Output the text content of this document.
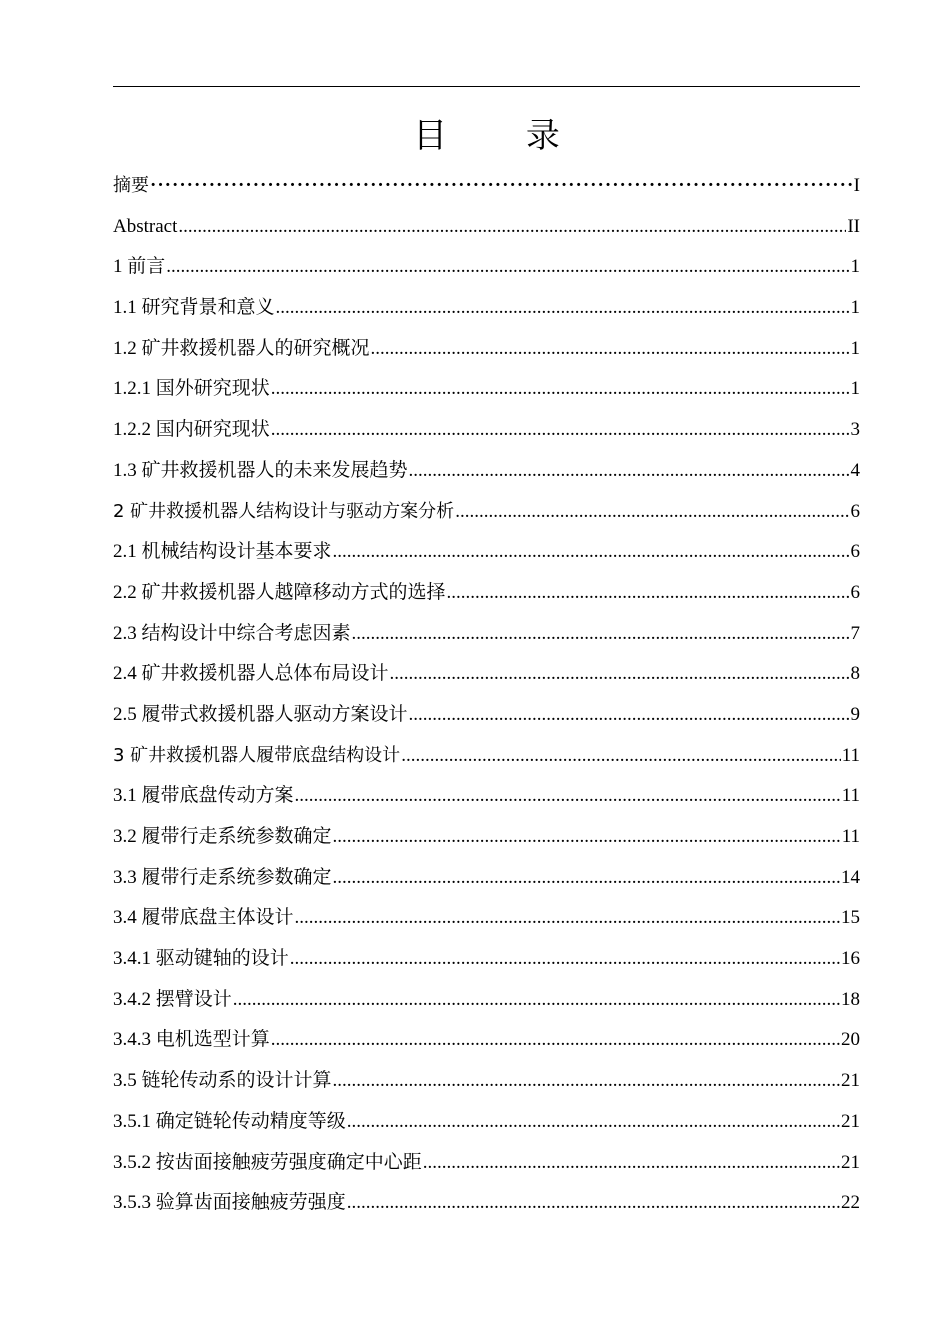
目 录
摘要 ·····	I
Abstract .....	II
1 前言 .....	1
1.1 研究背景和意义 .....	1
1.2 矿井救援机器人的研究概况 .....	1
1.2.1 国外研究现状 .....	1
1.2.2 国内研究现状 .....	3
1.3 矿井救援机器人的未来发展趋势 .....	4
2 矿井救援机器人结构设计与驱动方案分析 .....	6
2.1 机械结构设计基本要求 .....	6
2.2 矿井救援机器人越障移动方式的选择 .....	6
2.3 结构设计中综合考虑因素 .....	7
2.4 矿井救援机器人总体布局设计 .....	8
2.5 履带式救援机器人驱动方案设计 .....	9
3 矿井救援机器人履带底盘结构设计 .....	11
3.1 履带底盘传动方案 .....	11
3.2 履带行走系统参数确定 .....	11
3.3 履带行走系统参数确定 .....	14
3.4 履带底盘主体设计 .....	15
3.4.1 驱动键轴的设计 .....	16
3.4.2 摆臂设计 .....	18
3.4.3 电机选型计算 .....	20
3.5 链轮传动系的设计计算 .....	21
3.5.1 确定链轮传动精度等级 .....	21
3.5.2 按齿面接触疲劳强度确定中心距 .....	21
3.5.3 验算齿面接触疲劳强度 .....	22
